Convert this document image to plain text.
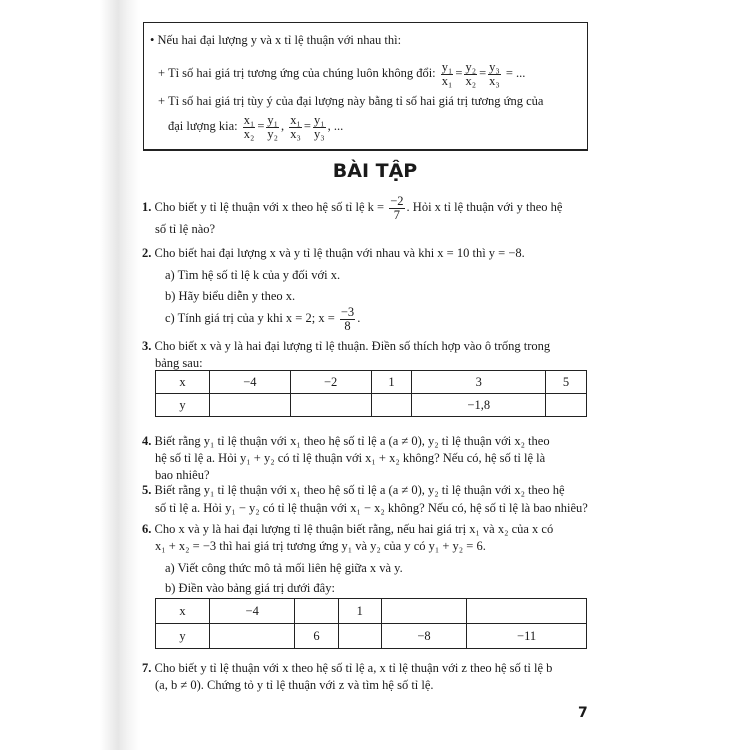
• Nếu hai đại lượng y và x tỉ lệ thuận với nhau thì:
+ Tỉ số hai giá trị tương ứng của chúng luôn không đổi: $\frac{\text{y₁}}{\text{x₁}} = \frac{\text{y₂}}{\text{x₂}} = \frac{\text{y₃}}{\text{x₃}}$ = ...
+ Tỉ số hai giá trị tùy ý của đại lượng này bằng tỉ số hai giá trị tương ứng của
đại lượng kia: $\frac{\text{x₁}}{\text{x₂}} = \frac{\text{y₁}}{\text{y₂}}$ , $\frac{\text{x₁}}{\text{x₃}} = \frac{\text{y₁}}{\text{y₃}}$ , ...
BÀI TẬP
1. Cho biết y tỉ lệ thuận với x theo hệ số tỉ lệ $k = \frac{-2}{7}$ . Hỏi x tỉ lệ thuận với y theo hệ
số tỉ lệ nào?
2. Cho biết hai đại lượng x và y tỉ lệ thuận với nhau và khi x = 10 thì y = −8.
a) Tìm hệ số tỉ lệ k của y đối với x.
b) Hãy biểu diễn y theo x.
c) Tính giá trị của y khi x = 2; $x = \frac{-3}{8}$ .
3. Cho biết x và y là hai đại lượng tỉ lệ thuận. Điền số thích hợp vào ô trống trong
bảng sau:
x	−4	−2	1	3	5
y				−1,8	
4. Biết rằng y₁ tỉ lệ thuận với x₁ theo hệ số tỉ lệ a (a ≠ 0), y₂ tỉ lệ thuận với x₂ theo
hệ số tỉ lệ a. Hỏi y₁ + y₂ có tỉ lệ thuận với x₁ + x₂ không? Nếu có, hệ số tỉ lệ là
bao nhiêu?
5. Biết rằng y₁ tỉ lệ thuận với x₁ theo hệ số tỉ lệ a (a ≠ 0), y₂ tỉ lệ thuận với x₂ theo hệ
số tỉ lệ a. Hỏi y₁ − y₂ có tỉ lệ thuận với x₁ − x₂ không? Nếu có, hệ số tỉ lệ là bao nhiêu?
6. Cho x và y là hai đại lượng tỉ lệ thuận biết rằng, nếu hai giá trị x₁ và x₂ của x có
x₁ + x₂ = −3 thì hai giá trị tương ứng y₁ và y₂ của y có y₁ + y₂ = 6.
a) Viết công thức mô tả mối liên hệ giữa x và y.
b) Điền vào bảng giá trị dưới đây:
x	−4		1		
y		6		−8	−11
7. Cho biết y tỉ lệ thuận với x theo hệ số tỉ lệ a, x tỉ lệ thuận với z theo hệ số tỉ lệ b
(a, b ≠ 0). Chứng tỏ y tỉ lệ thuận với z và tìm hệ số tỉ lệ.
7
